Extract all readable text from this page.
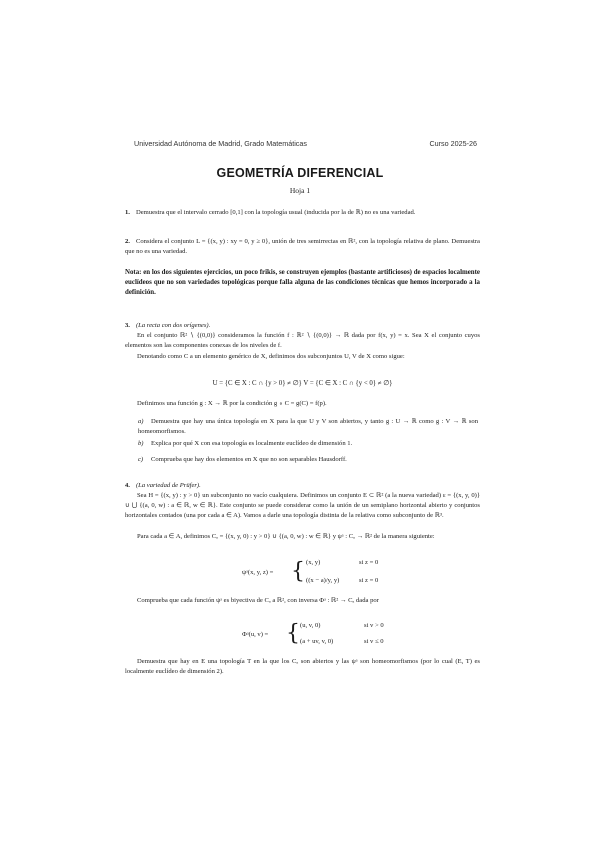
Universidad Autónoma de Madrid, Grado Matemáticas	Curso 2025-26
GEOMETRÍA DIFERENCIAL
Hoja 1
1. Demuestra que el intervalo cerrado [0,1] con la topología usual (inducida por la de ℝ) no es una variedad.
2. Considera el conjunto L = {(x, y) : xy = 0, y ≥ 0}, unión de tres semirrectas en ℝ², con la topología relativa de plano. Demuestra que no es una variedad.
Nota: en los dos siguientes ejercicios, un poco frikis, se construyen ejemplos (bastante artificiosos) de espacios localmente euclídeos que no son variedades topológicas porque falla alguna de las condiciones técnicas que hemos incorporado a la definición.
3. (La recta con dos orígenes).
En el conjunto ℝ² ∖ {(0,0)} consideramos la función f : ℝ² ∖ {(0,0)} → ℝ dada por f(x, y) = x. Sea X el conjunto cuyos elementos son las componentes conexas de los niveles de f.
Denotando como C a un elemento genérico de X, definimos dos subconjuntos U, V de X como sigue:
U = {C ∈ X : C ∩ {y > 0} ≠ ∅} V = {C ∈ X : C ∩ {y < 0} ≠ ∅}
Definimos una función g : X → ℝ por la condición g ∘ C = g(C) = f(p).
a) Demuestra que hay una única topología en X para la que U y V son abiertos, y tanto g : U → ℝ como g : V → ℝ son homeomorfismos.
b) Explica por qué X con esa topología es localmente euclídeo de dimensión 1.
c) Comprueba que hay dos elementos en X que no son separables Hausdorff.
4. (La variedad de Prüfer).
Sea H = {(x, y) : y > 0} un subconjunto no vacío cualquiera. Definimos un conjunto E ⊂ ℝ² (a la nueva variedad) ε = {(x, y, 0)} ∪ ⋃ {(a, 0, w) : a ∈ ℝ, w ∈ ℝ}. Este conjunto se puede considerar como la unión de un semiplano horizontal abierto y conjuntos horizontales contados (una por cada a ∈ A). Vamos a darle una topología distinta de la relativa como subconjunto de ℝ³.
Para cada a ∈ A, definimos Cₐ = {(x, y, 0) : y > 0} ∪ {(a, 0, w) : w ∈ ℝ} y ψᵃ : Cₐ → ℝ² de la manera siguiente:
ψᵃ(x, y, z) = { (x, y)	si z = 0
((x − a)/y, y)	si z = 0
Comprueba que cada función ψᵃ es biyectiva de Cₐ a ℝ², con inversa Φᵃ : ℝ² → Cₐ dada por
Φᵃ(u, v) = { (u, v, 0)	si v > 0
(a + uv, v, 0)	si v ≤ 0
Demuestra que hay en E una topología T en la que los Cₐ son abiertos y las ψᵃ son homeomorfismos (por lo cual (E, T) es localmente euclídeo de dimensión 2).
